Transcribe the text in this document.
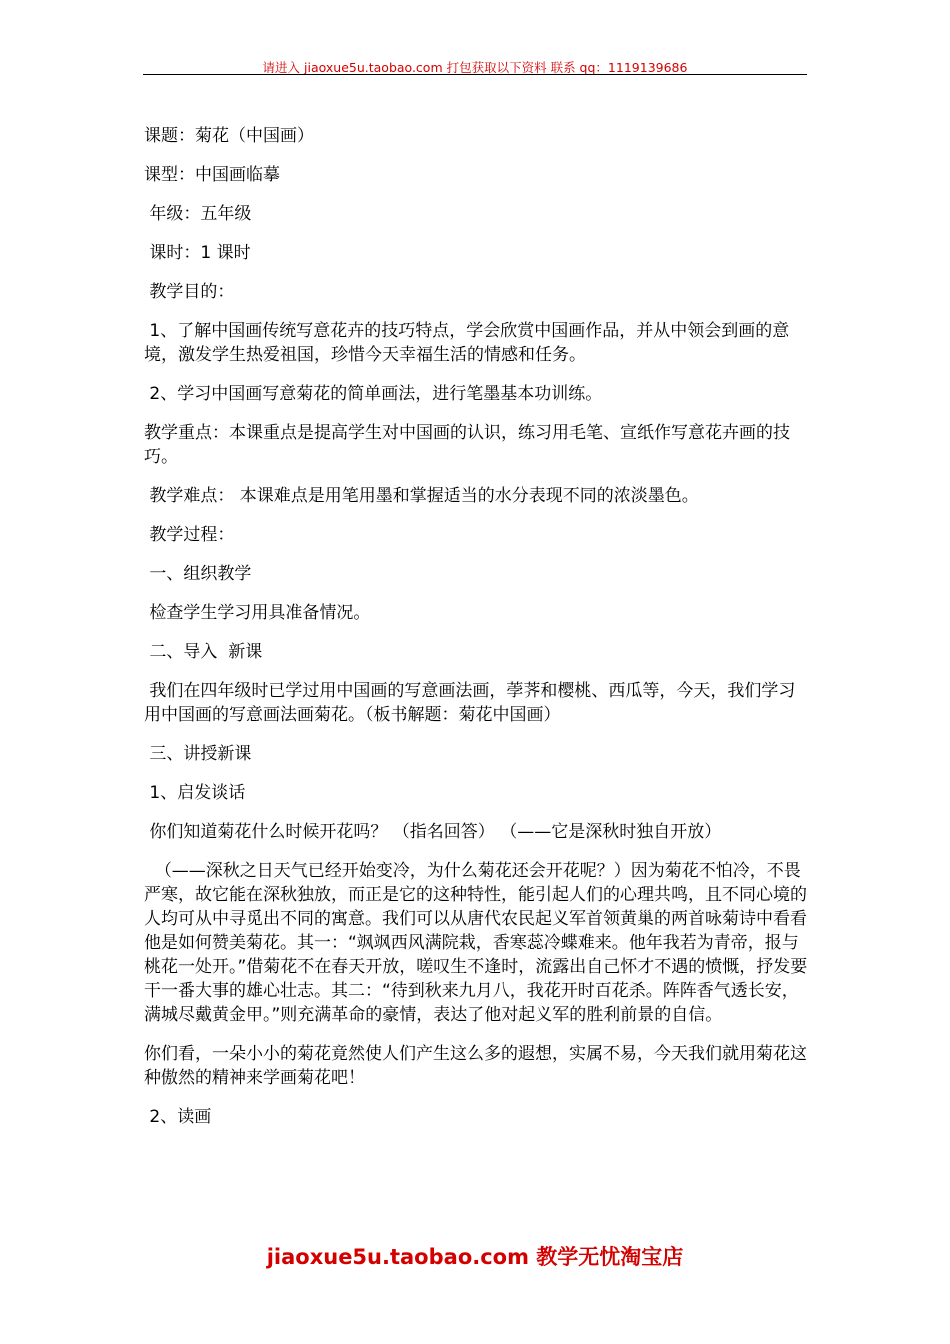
请进入 jiaoxue5u.taobao.com 打包获取以下资料 联系 qq：1119139686

课题：菊花（中国画）

课型：中国画临摹

年级：五年级

课时：1 课时

教学目的：

1、了解中国画传统写意花卉的技巧特点，学会欣赏中国画作品，并从中领会到画的意境，激发学生热爱祖国，珍惜今天幸福生活的情感和任务。

2、学习中国画写意菊花的简单画法，进行笔墨基本功训练。

教学重点：本课重点是提高学生对中国画的认识，练习用毛笔、宣纸作写意花卉画的技巧。

教学难点： 本课难点是用笔用墨和掌握适当的水分表现不同的浓淡墨色。

教学过程：

一、组织教学

检查学生学习用具准备情况。

二、导入  新课

我们在四年级时已学过用中国画的写意画法画，荸荠和樱桃、西瓜等，今天，我们学习用中国画的写意画法画菊花。（板书解题：菊花中国画）

三、讲授新课

1、启发谈话

你们知道菊花什么时候开花吗？ （指名回答） （——它是深秋时独自开放）

（——深秋之日天气已经开始变冷，为什么菊花还会开花呢？）因为菊花不怕冷，不畏严寒，故它能在深秋独放，而正是它的这种特性，能引起人们的心理共鸣，且不同心境的人均可从中寻觅出不同的寓意。我们可以从唐代农民起义军首领黄巢的两首咏菊诗中看看他是如何赞美菊花。其一：“飒飒西风满院栽，香寒蕊冷蝶难来。他年我若为青帝，报与桃花一处开。”借菊花不在春天开放，嗟叹生不逢时，流露出自己怀才不遇的愤慨，抒发要干一番大事的雄心壮志。其二：“待到秋来九月八，我花开时百花杀。阵阵香气透长安，满城尽戴黄金甲。”则充满革命的豪情，表达了他对起义军的胜利前景的自信。

你们看，一朵小小的菊花竟然使人们产生这么多的遐想，实属不易，今天我们就用菊花这种傲然的精神来学画菊花吧！

2、读画

jiaoxue5u.taobao.com 教学无忧淘宝店
